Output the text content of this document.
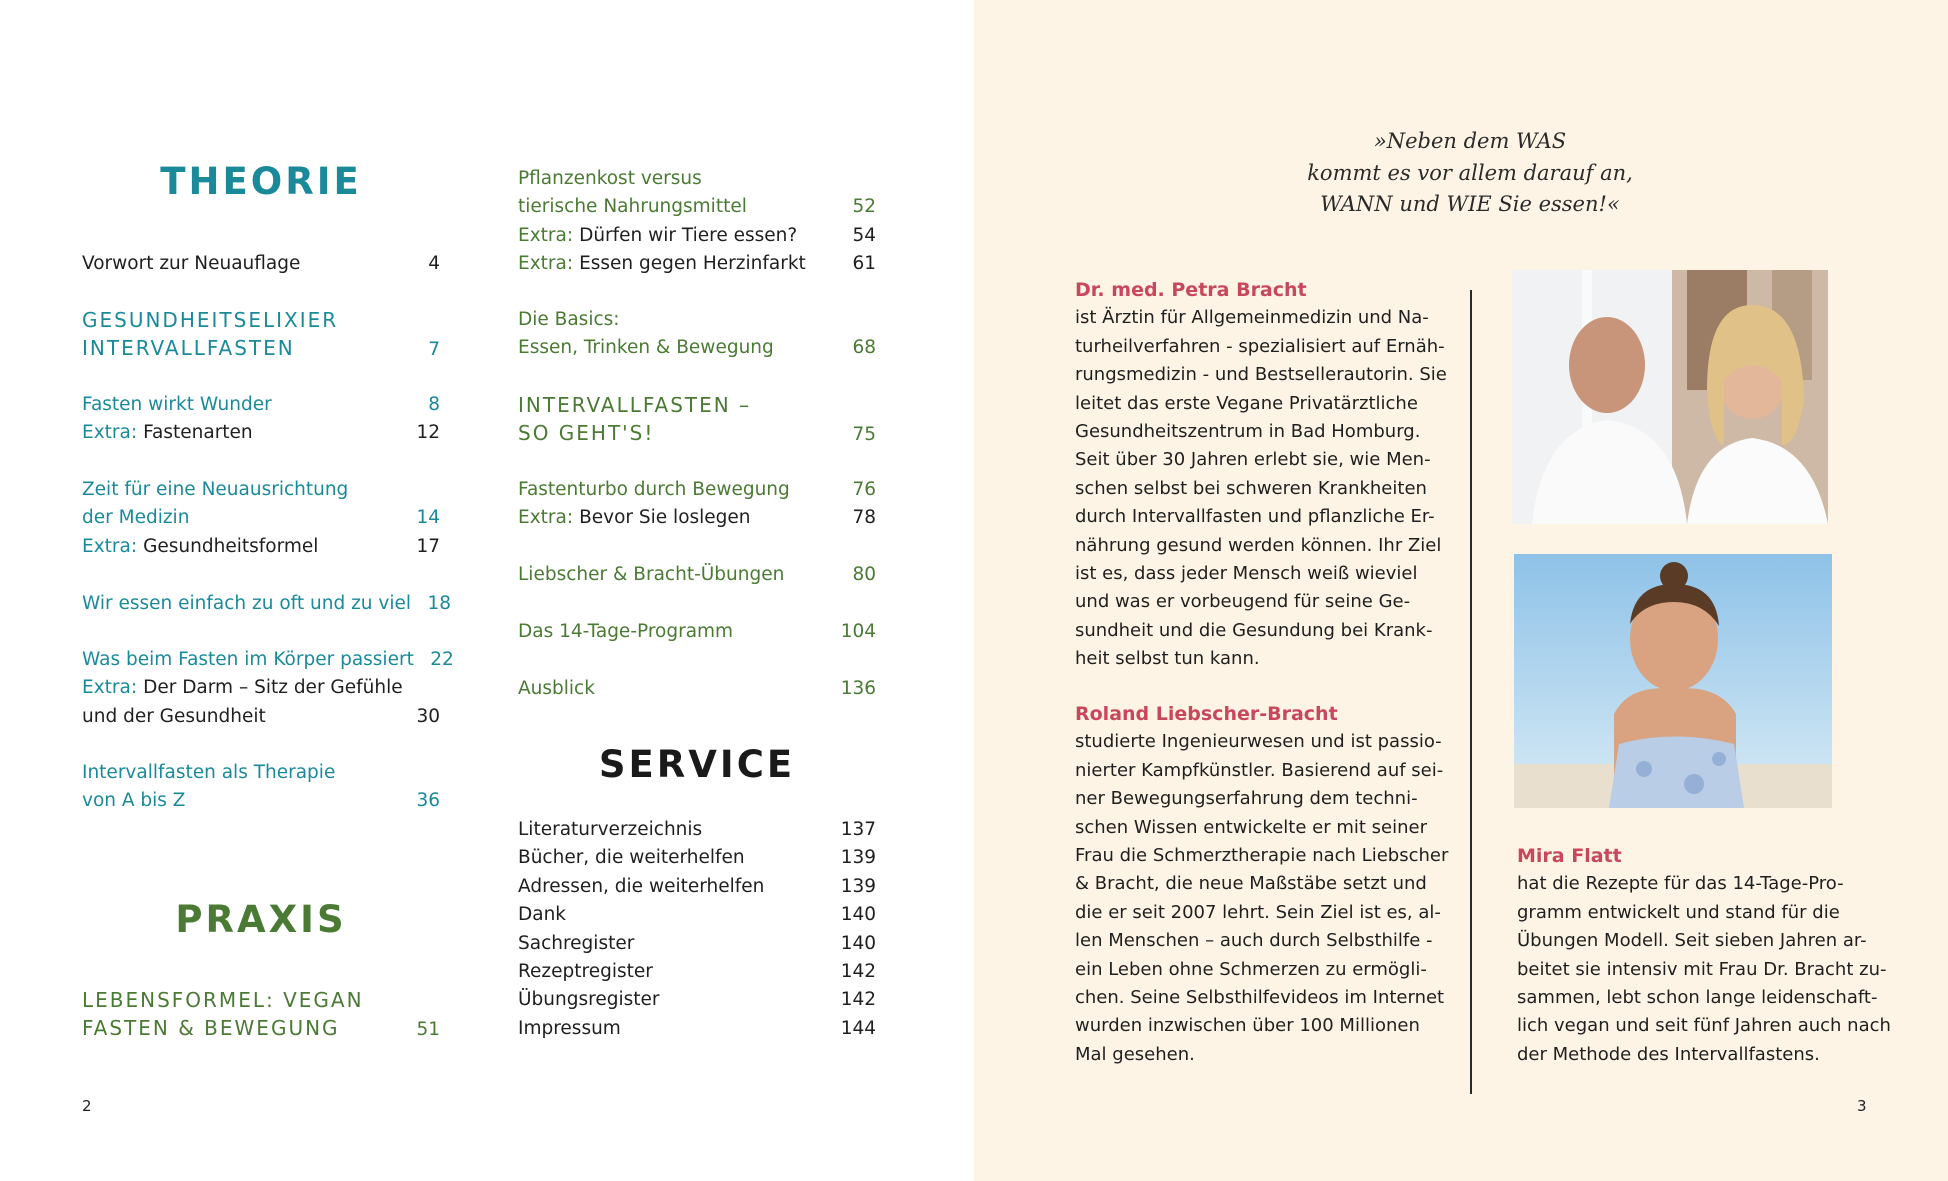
THEORIE
Vorwort zur Neuauflage	4
GESUNDHEITSELIXIER
INTERVALLFASTEN	7
Fasten wirkt Wunder	8
Extra: Fastenarten	12
Zeit für eine Neuausrichtung
der Medizin	14
Extra: Gesundheitsformel	17
Wir essen einfach zu oft und zu viel 18
Was beim Fasten im Körper passiert 22
Extra: Der Darm – Sitz der Gefühle
und der Gesundheit	30
Intervallfasten als Therapie
von A bis Z	36
PRAXIS
LEBENSFORMEL: VEGAN
FASTEN & BEWEGUNG	51
Pflanzenkost versus
tierische Nahrungsmittel	52
Extra: Dürfen wir Tiere essen?	54
Extra: Essen gegen Herzinfarkt	61
Die Basics:
Essen, Trinken & Bewegung	68
INTERVALLFASTEN –
SO GEHT'S!	75
Fastenturbo durch Bewegung	76
Extra: Bevor Sie loslegen	78
Liebscher & Bracht-Übungen	80
Das 14-Tage-Programm	104
Ausblick	136
SERVICE
Literaturverzeichnis	137
Bücher, die weiterhelfen	139
Adressen, die weiterhelfen	139
Dank	140
Sachregister	140
Rezeptregister	142
Übungsregister	142
Impressum	144
2

»Neben dem WAS

kommt es vor allem darauf an,

WANN und WIE Sie essen!«

Dr. med. Petra Bracht
ist Ärztin für Allgemeinmedizin und Na-
turheilverfahren - spezialisiert auf Ernäh-
rungsmedizin - und Bestsellerautorin. Sie
leitet das erste Vegane Privatärztliche
Gesundheitszentrum in Bad Homburg.
Seit über 30 Jahren erlebt sie, wie Men-
schen selbst bei schweren Krankheiten
durch Intervallfasten und pflanzliche Er-
nährung gesund werden können. Ihr Ziel
ist es, dass jeder Mensch weiß wieviel
und was er vorbeugend für seine Ge-
sundheit und die Gesundung bei Krank-
heit selbst tun kann.
Roland Liebscher-Bracht
studierte Ingenieurwesen und ist passio-
nierter Kampfkünstler. Basierend auf sei-
ner Bewegungserfahrung dem techni-
schen Wissen entwickelte er mit seiner
Frau die Schmerztherapie nach Liebscher
& Bracht, die neue Maßstäbe setzt und
die er seit 2007 lehrt. Sein Ziel ist es, al-
len Menschen – auch durch Selbsthilfe -
ein Leben ohne Schmerzen zu ermögli-
chen. Seine Selbsthilfevideos im Internet
wurden inzwischen über 100 Millionen
Mal gesehen.
Mira Flatt
hat die Rezepte für das 14-Tage-Pro-
gramm entwickelt und stand für die
Übungen Modell. Seit sieben Jahren ar-
beitet sie intensiv mit Frau Dr. Bracht zu-
sammen, lebt schon lange leidenschaft-
lich vegan und seit fünf Jahren auch nach
der Methode des Intervallfastens.
3
